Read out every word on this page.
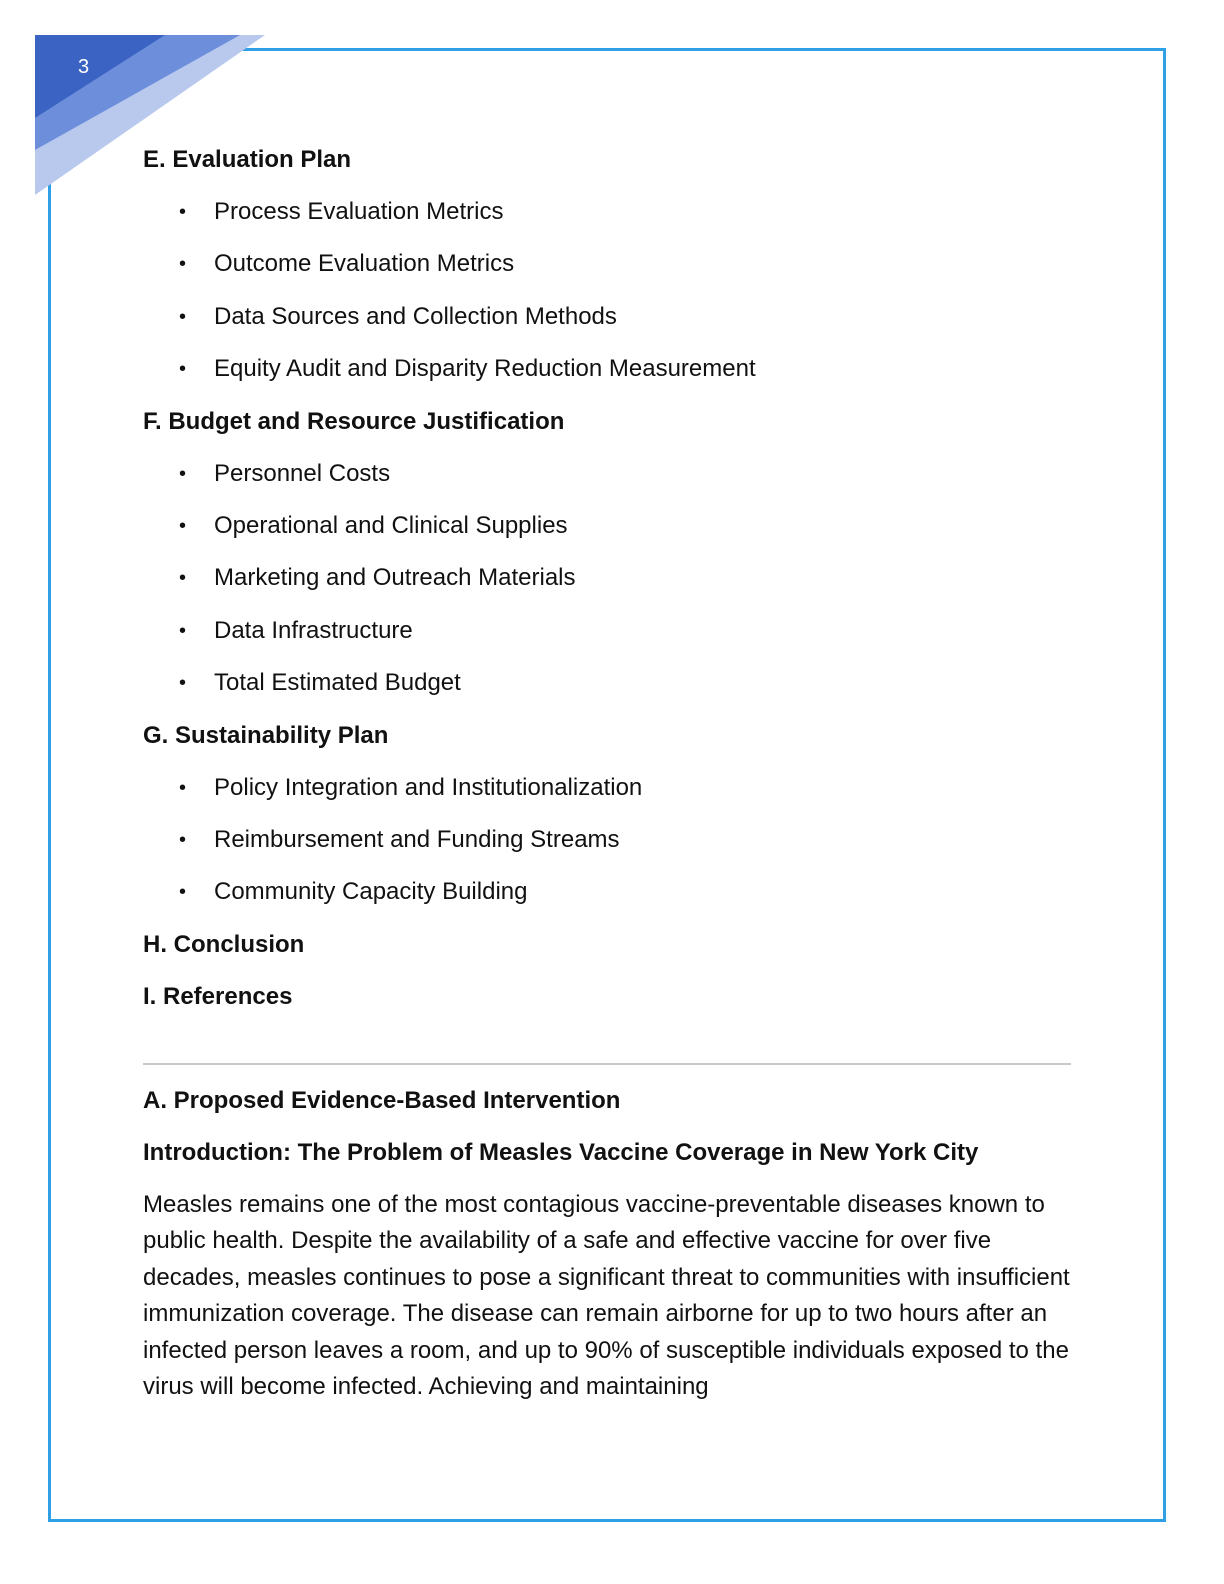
3
E. Evaluation Plan
• Process Evaluation Metrics
• Outcome Evaluation Metrics
• Data Sources and Collection Methods
• Equity Audit and Disparity Reduction Measurement
F. Budget and Resource Justification
• Personnel Costs
• Operational and Clinical Supplies
• Marketing and Outreach Materials
• Data Infrastructure
• Total Estimated Budget
G. Sustainability Plan
• Policy Integration and Institutionalization
• Reimbursement and Funding Streams
• Community Capacity Building
H. Conclusion
I. References
A. Proposed Evidence-Based Intervention
Introduction: The Problem of Measles Vaccine Coverage in New York City

Measles remains one of the most contagious vaccine-preventable diseases known to public health. Despite the availability of a safe and effective vaccine for over five decades, measles continues to pose a significant threat to communities with insufficient immunization coverage. The disease can remain airborne for up to two hours after an infected person leaves a room, and up to 90% of susceptible individuals exposed to the virus will become infected. Achieving and maintaining
